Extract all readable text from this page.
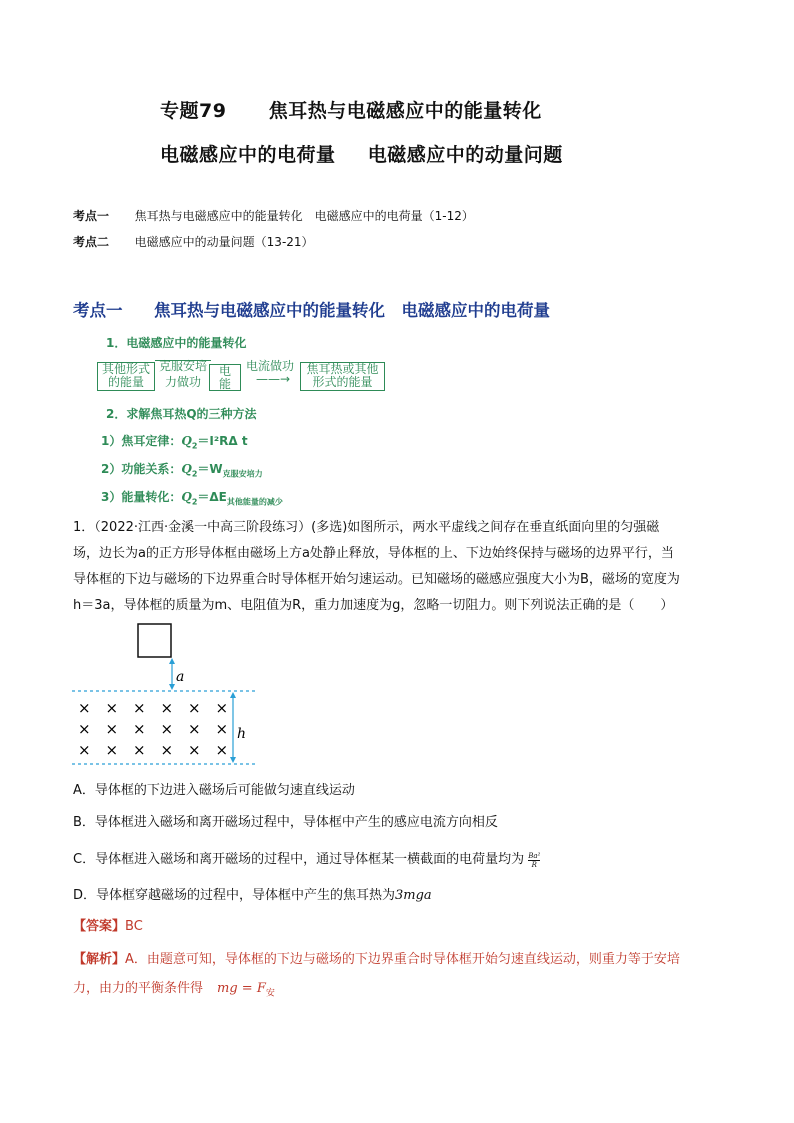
专题79 焦耳热与电磁感应中的能量转化
电磁感应中的电荷量 电磁感应中的动量问题
考点一 焦耳热与电磁感应中的能量转化　电磁感应中的电荷量（1-12）
考点二 电磁感应中的动量问题（13-21）
考点一 焦耳热与电磁感应中的能量转化　电磁感应中的电荷量
1．电磁感应中的能量转化
其他形式
的能量
克服安培
力做功
电
能
电流做功
——→
焦耳热或其他
形式的能量
2．求解焦耳热Q的三种方法
1）焦耳定律：$Q_2=I^2R\Delta$ t
2）功能关系：$Q_2=W_{克服安培力}$
3）能量转化：$Q_2=\Delta E_{其他能量的减少}$
1．（2022·江西·金溪一中高三阶段练习）(多选)如图所示，两水平虚线之间存在垂直纸面向里的匀强磁
场，边长为a的正方形导体框由磁场上方a处静止释放，导体框的上、下边始终保持与磁场的边界平行，当
导体框的下边与磁场的下边界重合时导体框开始匀速运动。已知磁场的磁感应强度大小为B，磁场的宽度为
h＝3a，导体框的质量为m、电阻值为R，重力加速度为g，忽略一切阻力。则下列说法正确的是（　　）
a
h
× × × × × ×
× × × × × ×
× × × × × ×
A．导体框的下边进入磁场后可能做匀速直线运动
B．导体框进入磁场和离开磁场过程中，导体框中产生的感应电流方向相反
C．导体框进入磁场和离开磁场的过程中，通过导体框某一横截面的电荷量均为 $\frac{\text{Ba²}}{R}$
D．导体框穿越磁场的过程中，导体框中产生的焦耳热为3mga
【答案】BC
【解析】A．由题意可知，导体框的下边与磁场的下边界重合时导体框开始匀速直线运动，则重力等于安培
力，由力的平衡条件得 mg = $F_安$
